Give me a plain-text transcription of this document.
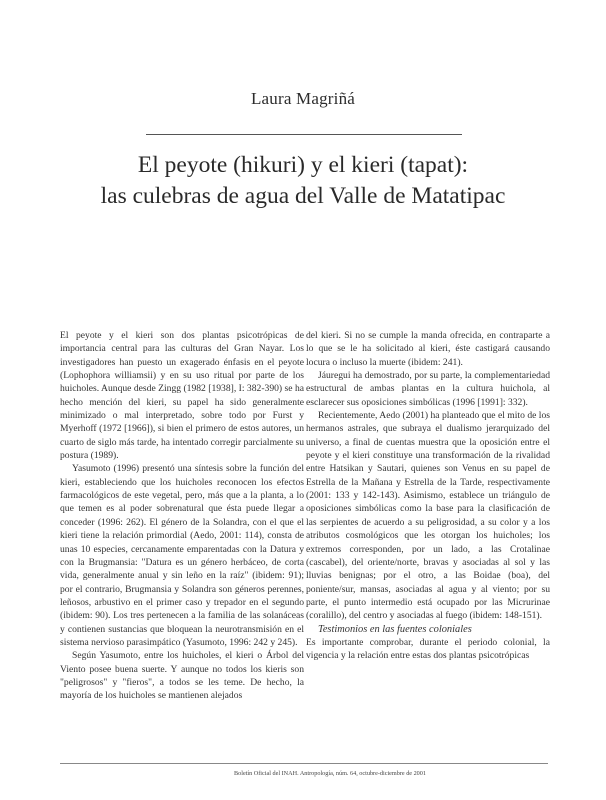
Laura Magriñá
El peyote (hikuri) y el kieri (tapat):
las culebras de agua del Valle de Matatipac

El peyote y el kieri son dos plantas psicotrópicas de importancia central para las culturas del Gran Nayar. Los investigadores han puesto un exagerado énfasis en el peyote (Lophophora williamsii) y en su uso ritual por parte de los huicholes. Aunque desde Zingg (1982 [1938], I: 382-390) se ha hecho mención del kieri, su papel ha sido generalmente minimizado o mal interpretado, sobre todo por Furst y Myerhoff (1972 [1966]), si bien el primero de estos autores, un cuarto de siglo más tarde, ha intentado corregir parcialmente su postura (1989).

Yasumoto (1996) presentó una síntesis sobre la función del kieri, estableciendo que los huicholes reconocen los efectos farmacológicos de este vegetal, pero, más que a la planta, a lo que temen es al poder sobrenatural que ésta puede llegar a conceder (1996: 262). El género de la Solandra, con el que el kieri tiene la relación primordial (Aedo, 2001: 114), consta de unas 10 especies, cercanamente emparentadas con la Datura y con la Brugmansia: "Datura es un género herbáceo, de corta vida, generalmente anual y sin leño en la raíz" (ibidem: 91); por el contrario, Brugmansia y Solandra son géneros perennes, leñosos, arbustivo en el primer caso y trepador en el segundo (ibidem: 90). Los tres pertenecen a la familia de las solanáceas y contienen sustancias que bloquean la neurotransmisión en el sistema nervioso parasimpático (Yasumoto, 1996: 242 y 245).

Según Yasumoto, entre los huicholes, el kieri o Árbol del Viento posee buena suerte. Y aunque no todos los kieris son "peligrosos" y "fieros", a todos se les teme. De hecho, la mayoría de los huicholes se mantienen alejados

del kieri. Si no se cumple la manda ofrecida, en contraparte a lo que se le ha solicitado al kieri, éste castigará causando locura o incluso la muerte (ibidem: 241).

Jáuregui ha demostrado, por su parte, la complementariedad estructural de ambas plantas en la cultura huichola, al esclarecer sus oposiciones simbólicas (1996 [1991]: 332).

Recientemente, Aedo (2001) ha planteado que el mito de los hermanos astrales, que subraya el dualismo jerarquizado del universo, a final de cuentas muestra que la oposición entre el peyote y el kieri constituye una transformación de la rivalidad entre Hatsikan y Sautari, quienes son Venus en su papel de Estrella de la Mañana y Estrella de la Tarde, respectivamente (2001: 133 y 142-143). Asimismo, establece un triángulo de oposiciones simbólicas como la base para la clasificación de las serpientes de acuerdo a su peligrosidad, a su color y a los atributos cosmológicos que les otorgan los huicholes; los extremos corresponden, por un lado, a las Crotalinae (cascabel), del oriente/norte, bravas y asociadas al sol y las lluvias benignas; por el otro, a las Boidae (boa), del poniente/sur, mansas, asociadas al agua y al viento; por su parte, el punto intermedio está ocupado por las Micrurinae (coralillo), del centro y asociadas al fuego (ibidem: 148-151).

Testimonios en las fuentes coloniales

Es importante comprobar, durante el periodo colonial, la vigencia y la relación entre estas dos plantas psicotrópicas

Boletín Oficial del INAH. Antropología, núm. 64, octubre-diciembre de 2001
